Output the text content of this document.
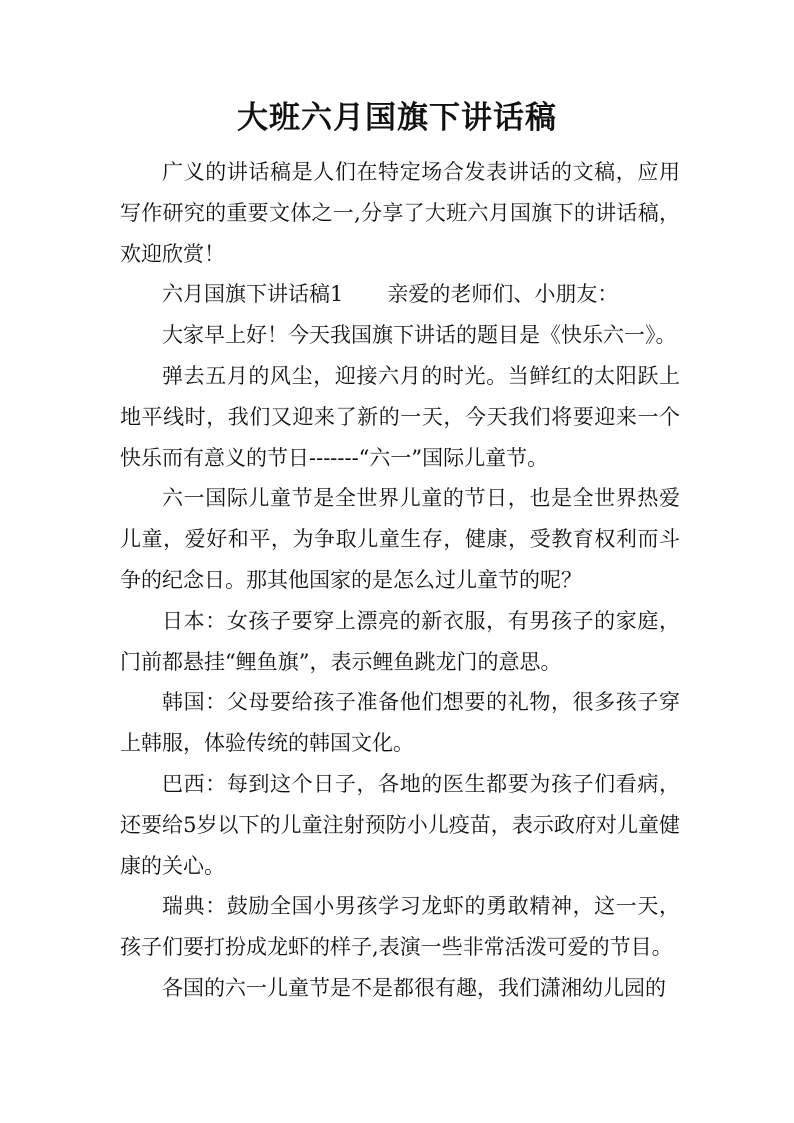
大班六月国旗下讲话稿

广义的讲话稿是人们在特定场合发表讲话的文稿，应用写作研究的重要文体之一,分享了大班六月国旗下的讲话稿，欢迎欣赏！

六月国旗下讲话稿1 亲爱的老师们、小朋友：

大家早上好！今天我国旗下讲话的题目是《快乐六一》。

弹去五月的风尘，迎接六月的时光。当鲜红的太阳跃上地平线时，我们又迎来了新的一天，今天我们将要迎来一个快乐而有意义的节日-------“六一”国际儿童节。

六一国际儿童节是全世界儿童的节日，也是全世界热爱儿童，爱好和平，为争取儿童生存，健康，受教育权利而斗争的纪念日。那其他国家的是怎么过儿童节的呢？

日本：女孩子要穿上漂亮的新衣服，有男孩子的家庭，门前都悬挂“鲤鱼旗”，表示鲤鱼跳龙门的意思。

韩国：父母要给孩子准备他们想要的礼物，很多孩子穿上韩服，体验传统的韩国文化。

巴西：每到这个日子，各地的医生都要为孩子们看病，还要给5岁以下的儿童注射预防小儿疫苗，表示政府对儿童健康的关心。

瑞典：鼓励全国小男孩学习龙虾的勇敢精神，这一天，孩子们要打扮成龙虾的样子,表演一些非常活泼可爱的节目。

各国的六一儿童节是不是都很有趣，我们潇湘幼儿园的
